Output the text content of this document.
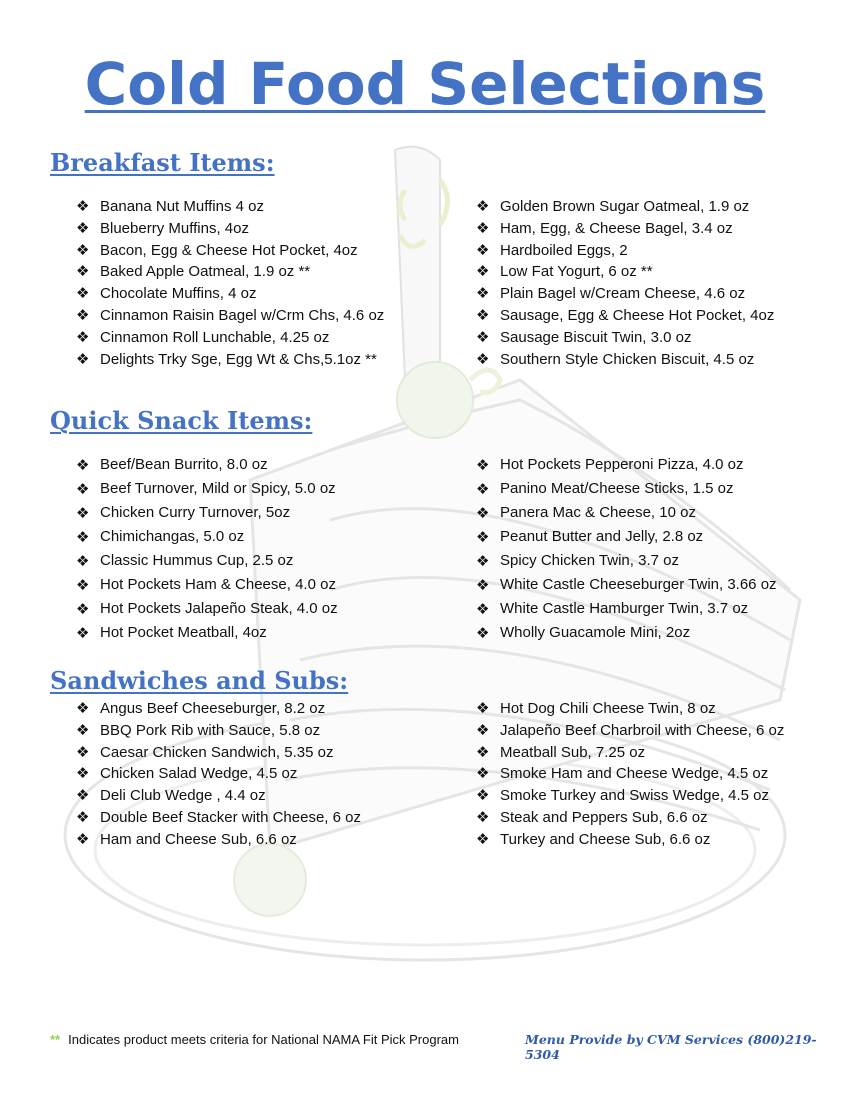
Cold Food Selections
Breakfast Items:
❖ Banana Nut Muffins 4 oz
❖ Blueberry Muffins, 4oz
❖ Bacon, Egg & Cheese Hot Pocket, 4oz
❖ Baked Apple Oatmeal, 1.9 oz **
❖ Chocolate Muffins, 4 oz
❖ Cinnamon Raisin Bagel w/Crm Chs, 4.6 oz
❖ Cinnamon Roll Lunchable, 4.25 oz
❖ Delights Trky Sge, Egg Wt & Chs,5.1oz **
❖ Golden Brown Sugar Oatmeal, 1.9 oz
❖ Ham, Egg, & Cheese Bagel, 3.4 oz
❖ Hardboiled Eggs, 2
❖ Low Fat Yogurt, 6 oz **
❖ Plain Bagel w/Cream Cheese, 4.6 oz
❖ Sausage, Egg & Cheese Hot Pocket, 4oz
❖ Sausage Biscuit Twin, 3.0 oz
❖ Southern Style Chicken Biscuit, 4.5 oz
Quick Snack Items:
❖ Beef/Bean Burrito, 8.0 oz
❖ Beef Turnover, Mild or Spicy, 5.0 oz
❖ Chicken Curry Turnover, 5oz
❖ Chimichangas, 5.0 oz
❖ Classic Hummus Cup, 2.5 oz
❖ Hot Pockets Ham & Cheese, 4.0 oz
❖ Hot Pockets Jalapeño Steak, 4.0 oz
❖ Hot Pocket Meatball, 4oz
❖ Hot Pockets Pepperoni Pizza, 4.0 oz
❖ Panino Meat/Cheese Sticks, 1.5 oz
❖ Panera Mac & Cheese, 10 oz
❖ Peanut Butter and Jelly, 2.8 oz
❖ Spicy Chicken Twin, 3.7 oz
❖ White Castle Cheeseburger Twin, 3.66 oz
❖ White Castle Hamburger Twin, 3.7 oz
❖ Wholly Guacamole Mini, 2oz
Sandwiches and Subs:
❖ Angus Beef Cheeseburger, 8.2 oz
❖ BBQ Pork Rib with Sauce, 5.8 oz
❖ Caesar Chicken Sandwich, 5.35 oz
❖ Chicken Salad Wedge, 4.5 oz
❖ Deli Club Wedge , 4.4 oz
❖ Double Beef Stacker with Cheese, 6 oz
❖ Ham and Cheese Sub, 6.6 oz
❖ Hot Dog Chili Cheese Twin, 8 oz
❖ Jalapeño Beef Charbroil with Cheese, 6 oz
❖ Meatball Sub, 7.25 oz
❖ Smoke Ham and Cheese Wedge, 4.5 oz
❖ Smoke Turkey and Swiss Wedge, 4.5 oz
❖ Steak and Peppers Sub, 6.6 oz
❖ Turkey and Cheese Sub, 6.6 oz
** Indicates product meets criteria for National NAMA Fit Pick Program	Menu Provide by CVM Services (800)219-5304
